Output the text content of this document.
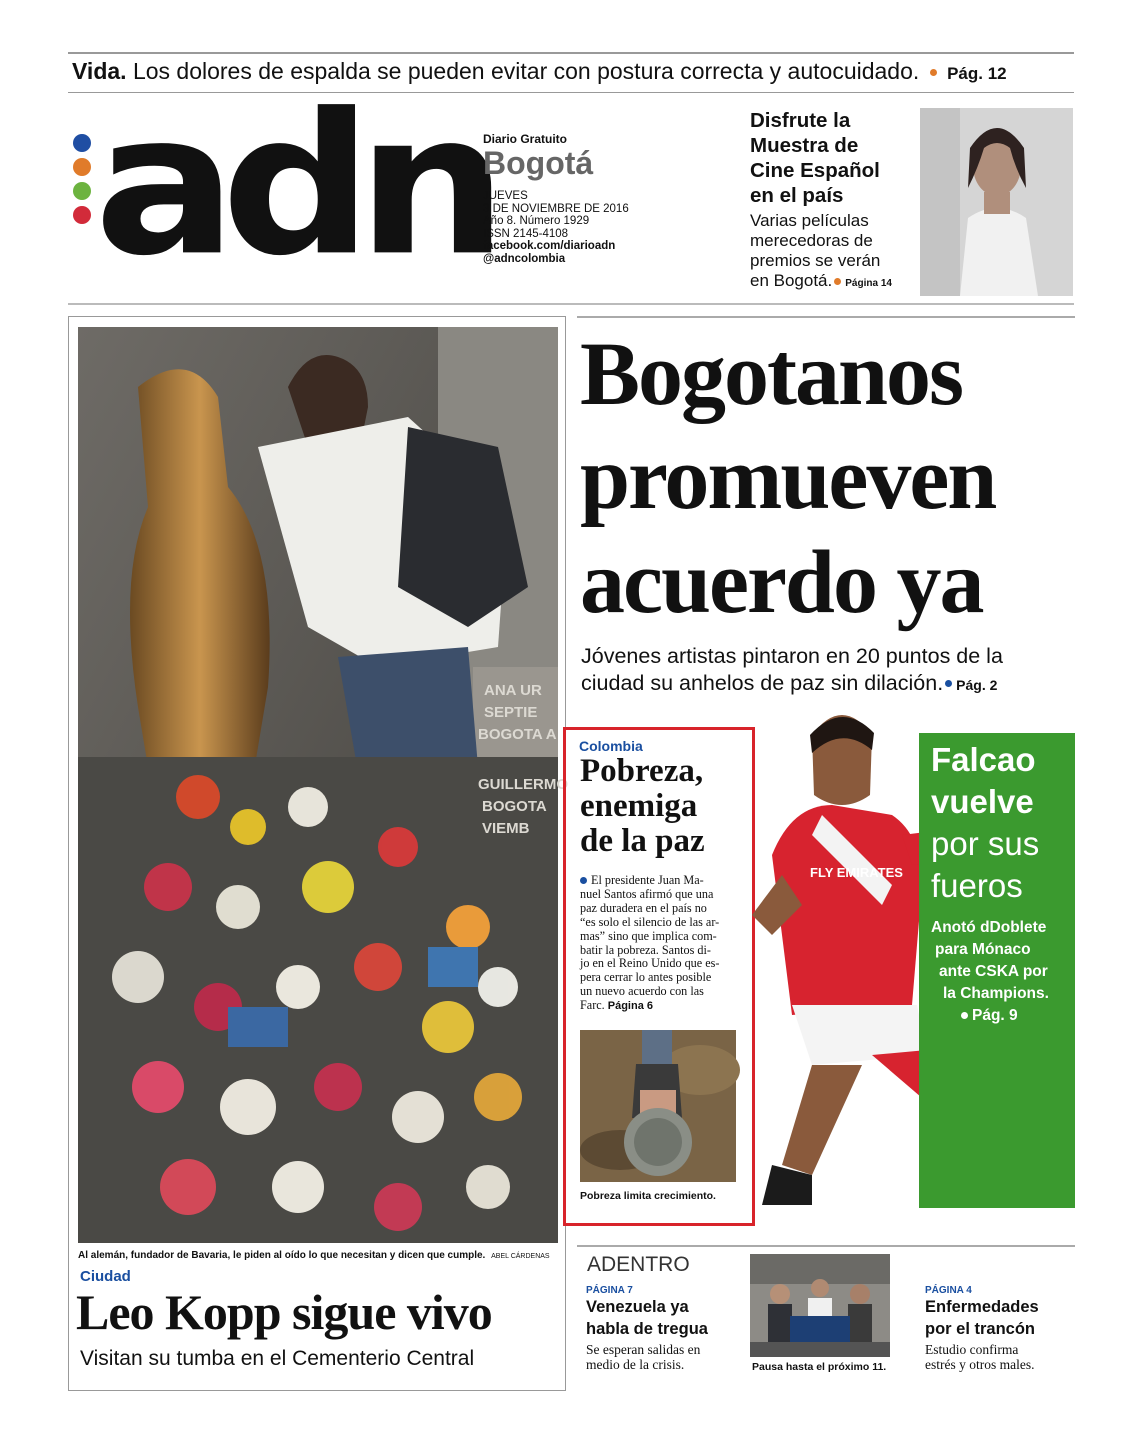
Vida. Los dolores de espalda se pueden evitar con postura correcta y autocuidado. Pág. 12
adn
Diario Gratuito
Bogotá
JUEVES
3 DE NOVIEMBRE DE 2016
Año 8. Número 1929
ISSN 2145-4108
facebook.com/diarioadn
@adncolombia
Disfrute la
Muestra de
Cine Español
en el país
Varias películas
merecedoras de
premios se verán
en Bogotá. Página 14
ANA UR
SEPTIE
BOGOTA A
GUILLERMO
BOGOTA
VIEMB
Al alemán, fundador de Bavaria, le piden al oído lo que necesitan y dicen que cumple. ABEL CÁRDENAS
Ciudad
Leo Kopp sigue vivo
Visitan su tumba en el Cementerio Central
Bogotanos
promueven
acuerdo ya
Jóvenes artistas pintaron en 20 puntos de la
ciudad su anhelos de paz sin dilación. Pág. 2
Colombia
Pobreza,
enemiga
de la paz
El presidente Juan Ma-
nuel Santos afirmó que una
paz duradera en el país no
“es solo el silencio de las ar-
mas” sino que implica com-
batir la pobreza. Santos di-
jo en el Reino Unido que es-
pera cerrar lo antes posible
un nuevo acuerdo con las
Farc. Página 6
Pobreza limita crecimiento.
FLY EMIRATES
Falcao
vuelve
por sus
fueros
Anotó dDoblete
para Mónaco
ante CSKA por
la Champions.
Pág. 9
ADENTRO
PÁGINA 7
Venezuela ya
habla de tregua
Se esperan salidas en
medio de la crisis.	Pausa hasta el próximo 11.
PÁGINA 4
Enfermedades
por el trancón
Estudio confirma
estrés y otros males.
